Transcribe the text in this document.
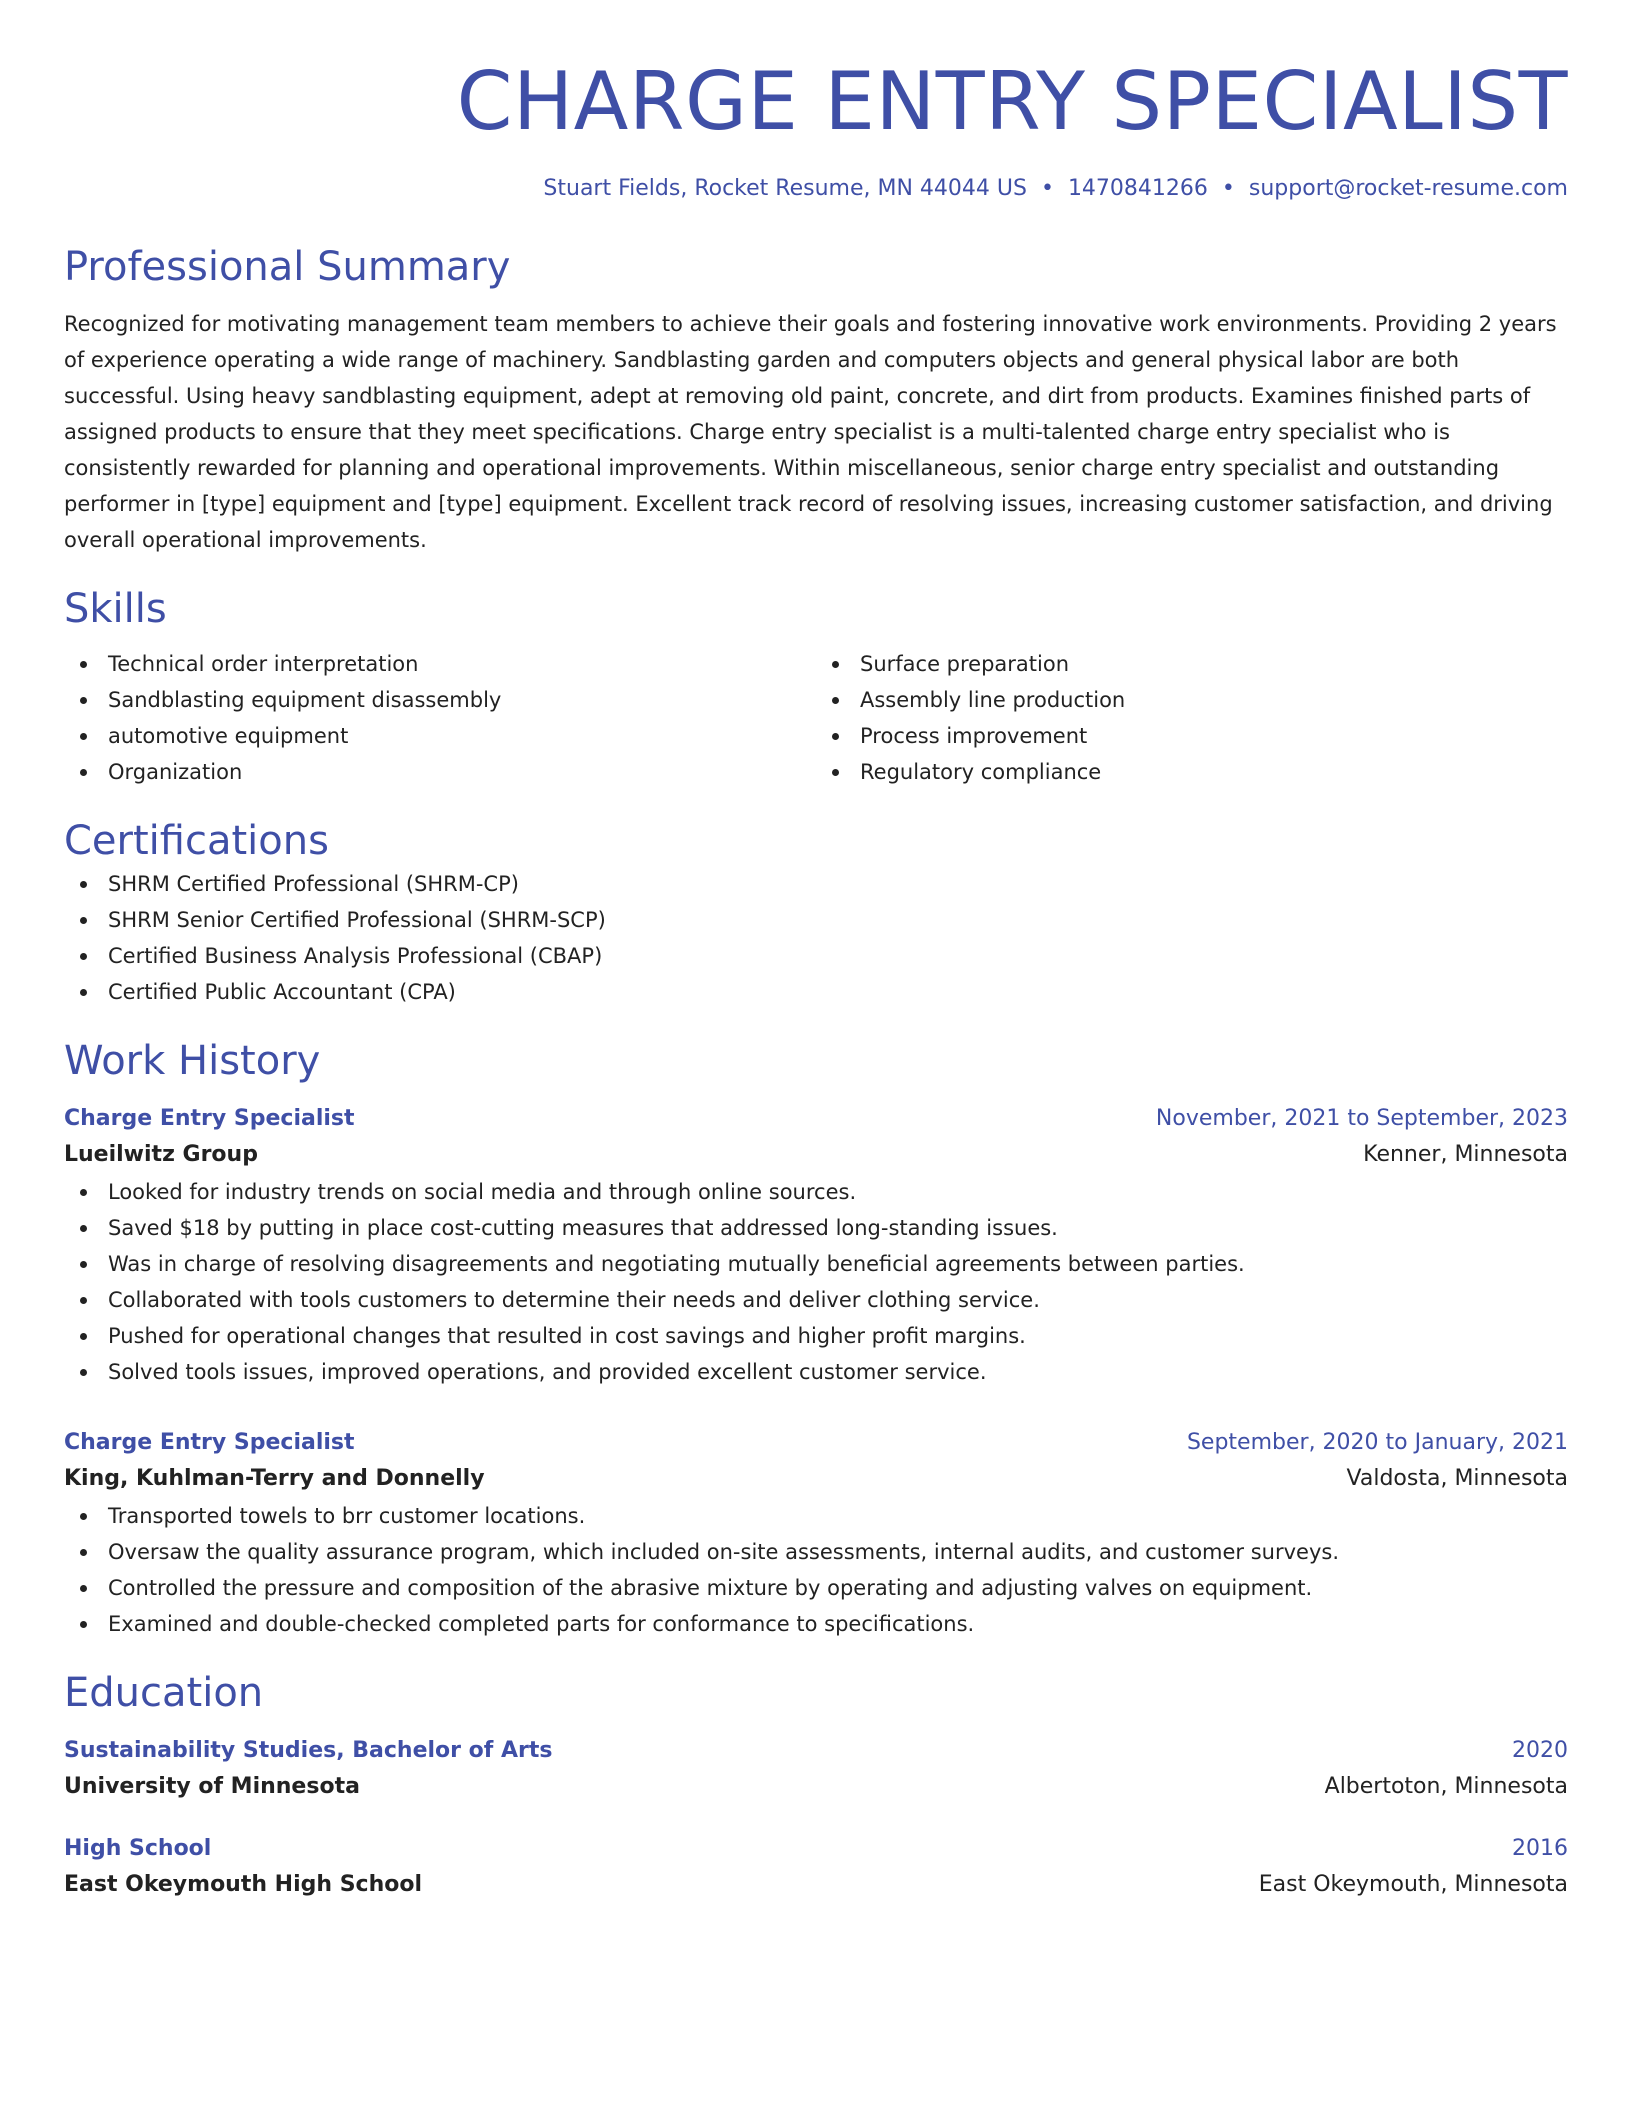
CHARGE ENTRY SPECIALIST
Stuart Fields, Rocket Resume, MN 44044 US • 1470841266 • support@rocket-resume.com
Professional Summary

Recognized for motivating management team members to achieve their goals and fostering innovative work environments. Providing 2 years of experience operating a wide range of machinery. Sandblasting garden and computers objects and general physical labor are both successful. Using heavy sandblasting equipment, adept at removing old paint, concrete, and dirt from products. Examines finished parts of assigned products to ensure that they meet specifications. Charge entry specialist is a multi-talented charge entry specialist who is consistently rewarded for planning and operational improvements. Within miscellaneous, senior charge entry specialist and outstanding performer in [type] equipment and [type] equipment. Excellent track record of resolving issues, increasing customer satisfaction, and driving overall operational improvements.

Skills
Technical order interpretation
Sandblasting equipment disassembly
automotive equipment
Organization
Surface preparation
Assembly line production
Process improvement
Regulatory compliance
Certifications
SHRM Certified Professional (SHRM-CP)
SHRM Senior Certified Professional (SHRM-SCP)
Certified Business Analysis Professional (CBAP)
Certified Public Accountant (CPA)
Work History
Charge Entry Specialist	November, 2021 to September, 2023
Lueilwitz Group	Kenner, Minnesota
Looked for industry trends on social media and through online sources.
Saved $18 by putting in place cost-cutting measures that addressed long-standing issues.
Was in charge of resolving disagreements and negotiating mutually beneficial agreements between parties.
Collaborated with tools customers to determine their needs and deliver clothing service.
Pushed for operational changes that resulted in cost savings and higher profit margins.
Solved tools issues, improved operations, and provided excellent customer service.
Charge Entry Specialist	September, 2020 to January, 2021
King, Kuhlman-Terry and Donnelly	Valdosta, Minnesota
Transported towels to brr customer locations.
Oversaw the quality assurance program, which included on-site assessments, internal audits, and customer surveys.
Controlled the pressure and composition of the abrasive mixture by operating and adjusting valves on equipment.
Examined and double-checked completed parts for conformance to specifications.
Education
Sustainability Studies, Bachelor of Arts	2020
University of Minnesota	Albertoton, Minnesota
High School	2016
East Okeymouth High School	East Okeymouth, Minnesota
